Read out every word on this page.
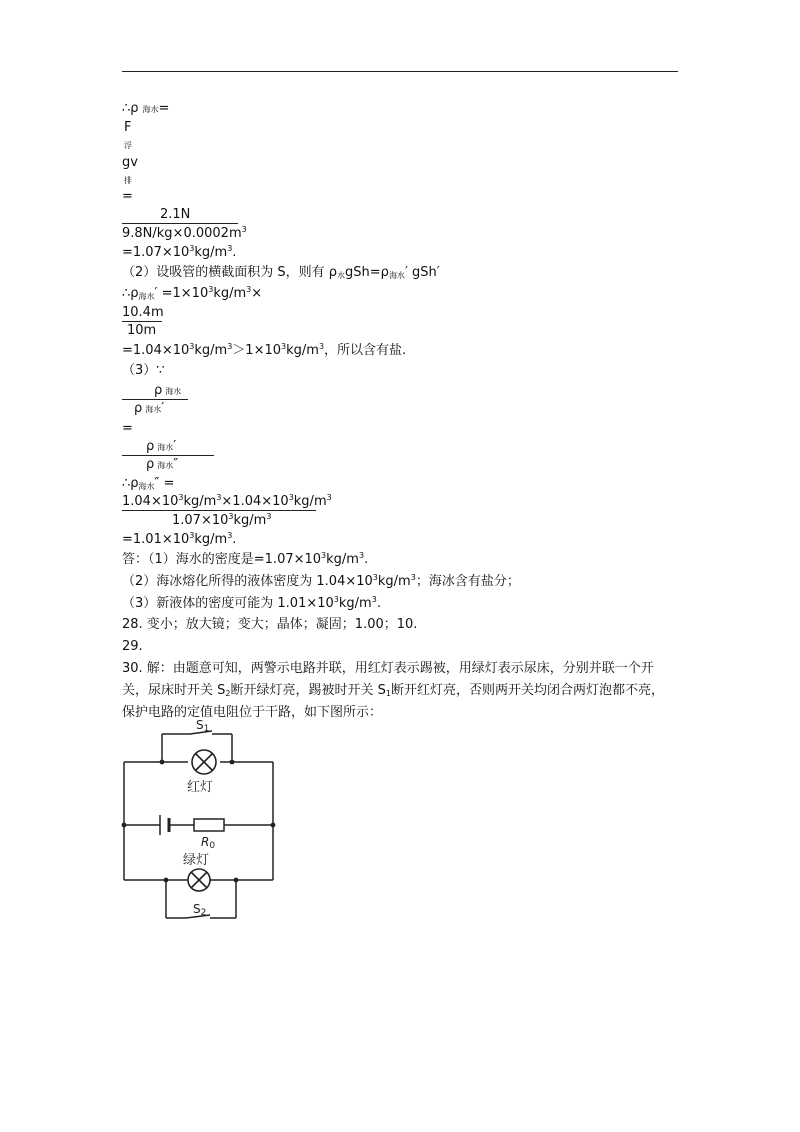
∴ρ 海水=
F
浮
gv
排
=
2.1N
$9.8N/kg\times 0.0002m^3$
$=1.07\times 10^3kg/m^3$.
（2）设吸管的横截面积为 S，则有 $\rho_水gSh=\rho_{海水}'$ gSh′
$\therefore\rho_{海水}' =1\times 10^3kg/m^3\times$
10.4m
10m
$=1.04\times 10^3kg/m^3>1\times 10^3kg/m^3$，所以含有盐.
（3）∵
ρ海水
ρ海水′
=
ρ海水′
ρ海水″
$\therefore\rho_{海水}''$ =
$1.04\times 10^3kg/m^3\times 1.04\times 10^3kg/m^3$
$1.07\times 10^3kg/m^3$
$=1.01\times 10^3kg/m^3$.
答：（1）海水的密度是$=1.07\times 10^3kg/m^3$.
（2）海冰熔化所得的液体密度为 $1.04\times 10^3kg/m^3$；海冰含有盐分；
（3）新液体的密度可能为 $1.01\times 10^3kg/m^3$.
28. 变小；放大镜；变大；晶体；凝固；1.00；10.
29.
30. 解：由题意可知，两警示电路并联，用红灯表示踢被，用绿灯表示尿床，分别并联一个开
关，尿床时开关 $S_2$断开绿灯亮，踢被时开关 $S_1$断开红灯亮，否则两开关均闭合两灯泡都不亮，
保护电路的定值电阻位于干路，如下图所示：
S1
红灯
R0
绿灯
S2
